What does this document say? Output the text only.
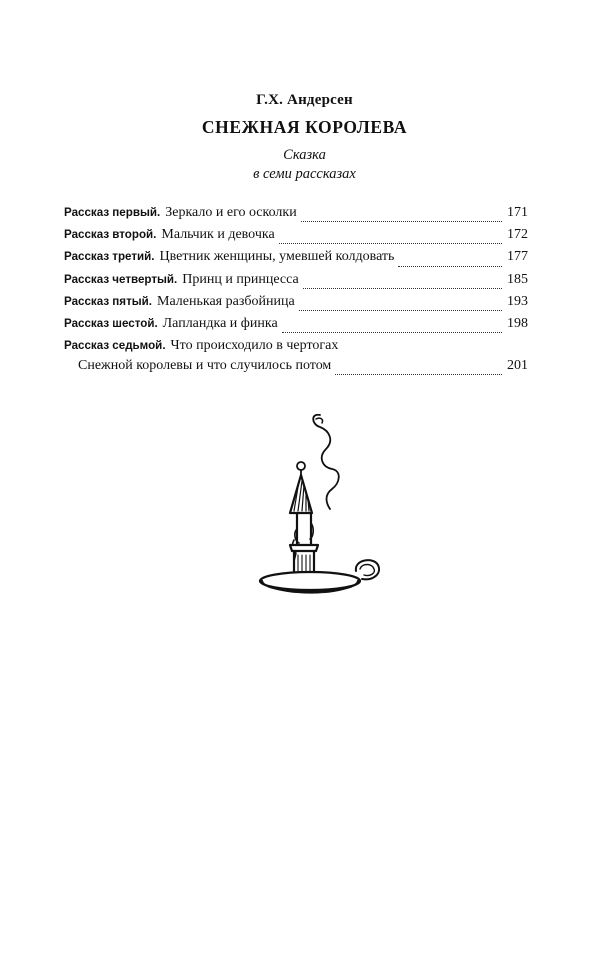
Г.Х. Андерсен
СНЕЖНАЯ КОРОЛЕВА
Сказка
в семи рассказах
Рассказ первый. Зеркало и его осколки	171
Рассказ второй. Мальчик и девочка	172
Рассказ третий. Цветник женщины, умевшей колдовать	177
Рассказ четвертый. Принц и принцесса	185
Рассказ пятый. Маленькая разбойница	193
Рассказ шестой. Лапландка и финка	198
Рассказ седьмой. Что происходило в чертогах
Снежной королевы и что случилось потом	201
